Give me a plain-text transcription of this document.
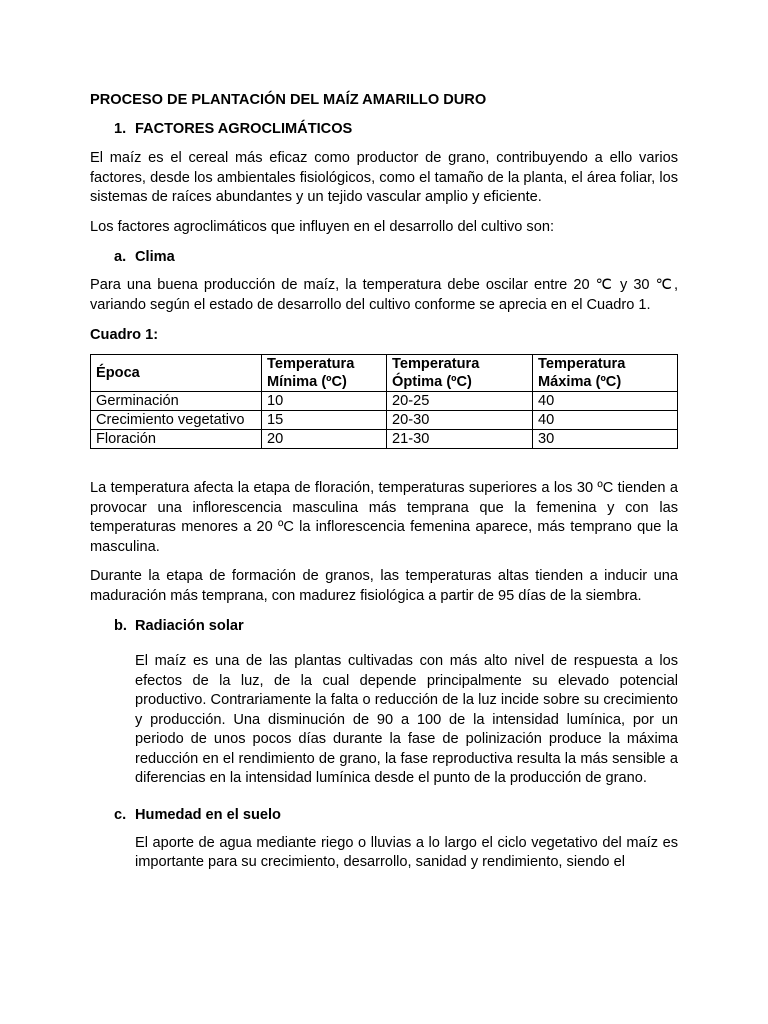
PROCESO DE PLANTACIÓN DEL MAÍZ AMARILLO DURO
1. FACTORES AGROCLIMÁTICOS

El maíz es el cereal más eficaz como productor de grano, contribuyendo a ello varios factores, desde los ambientales fisiológicos, como el tamaño de la planta, el área foliar, los sistemas de raíces abundantes y un tejido vascular amplio y eficiente.

Los factores agroclimáticos que influyen en el desarrollo del cultivo son:

a. Clima

Para una buena producción de maíz, la temperatura debe oscilar entre 20 ℃ y 30 ℃, variando según el estado de desarrollo del cultivo conforme se aprecia en el Cuadro 1.

Cuadro 1:
Época	Temperatura Mínima (ºC)	Temperatura Óptima (ºC)	Temperatura Máxima (ºC)
Germinación	10	20-25	40
Crecimiento vegetativo	15	20-30	40
Floración	20	21-30	30

La temperatura afecta la etapa de floración, temperaturas superiores a los 30 ºC tienden a provocar una inflorescencia masculina más temprana que la femenina y con las temperaturas menores a 20 ºC la inflorescencia femenina aparece, más temprano que la masculina.

Durante la etapa de formación de granos, las temperaturas altas tienden a inducir una maduración más temprana, con madurez fisiológica a partir de 95 días de la siembra.

b. Radiación solar

El maíz es una de las plantas cultivadas con más alto nivel de respuesta a los efectos de la luz, de la cual depende principalmente su elevado potencial productivo. Contrariamente la falta o reducción de la luz incide sobre su crecimiento y producción. Una disminución de 90 a 100 de la intensidad lumínica, por un periodo de unos pocos días durante la fase de polinización produce la máxima reducción en el rendimiento de grano, la fase reproductiva resulta la más sensible a diferencias en la intensidad lumínica desde el punto de la producción de grano.

c. Humedad en el suelo

El aporte de agua mediante riego o lluvias a lo largo el ciclo vegetativo del maíz es importante para su crecimiento, desarrollo, sanidad y rendimiento, siendo el
